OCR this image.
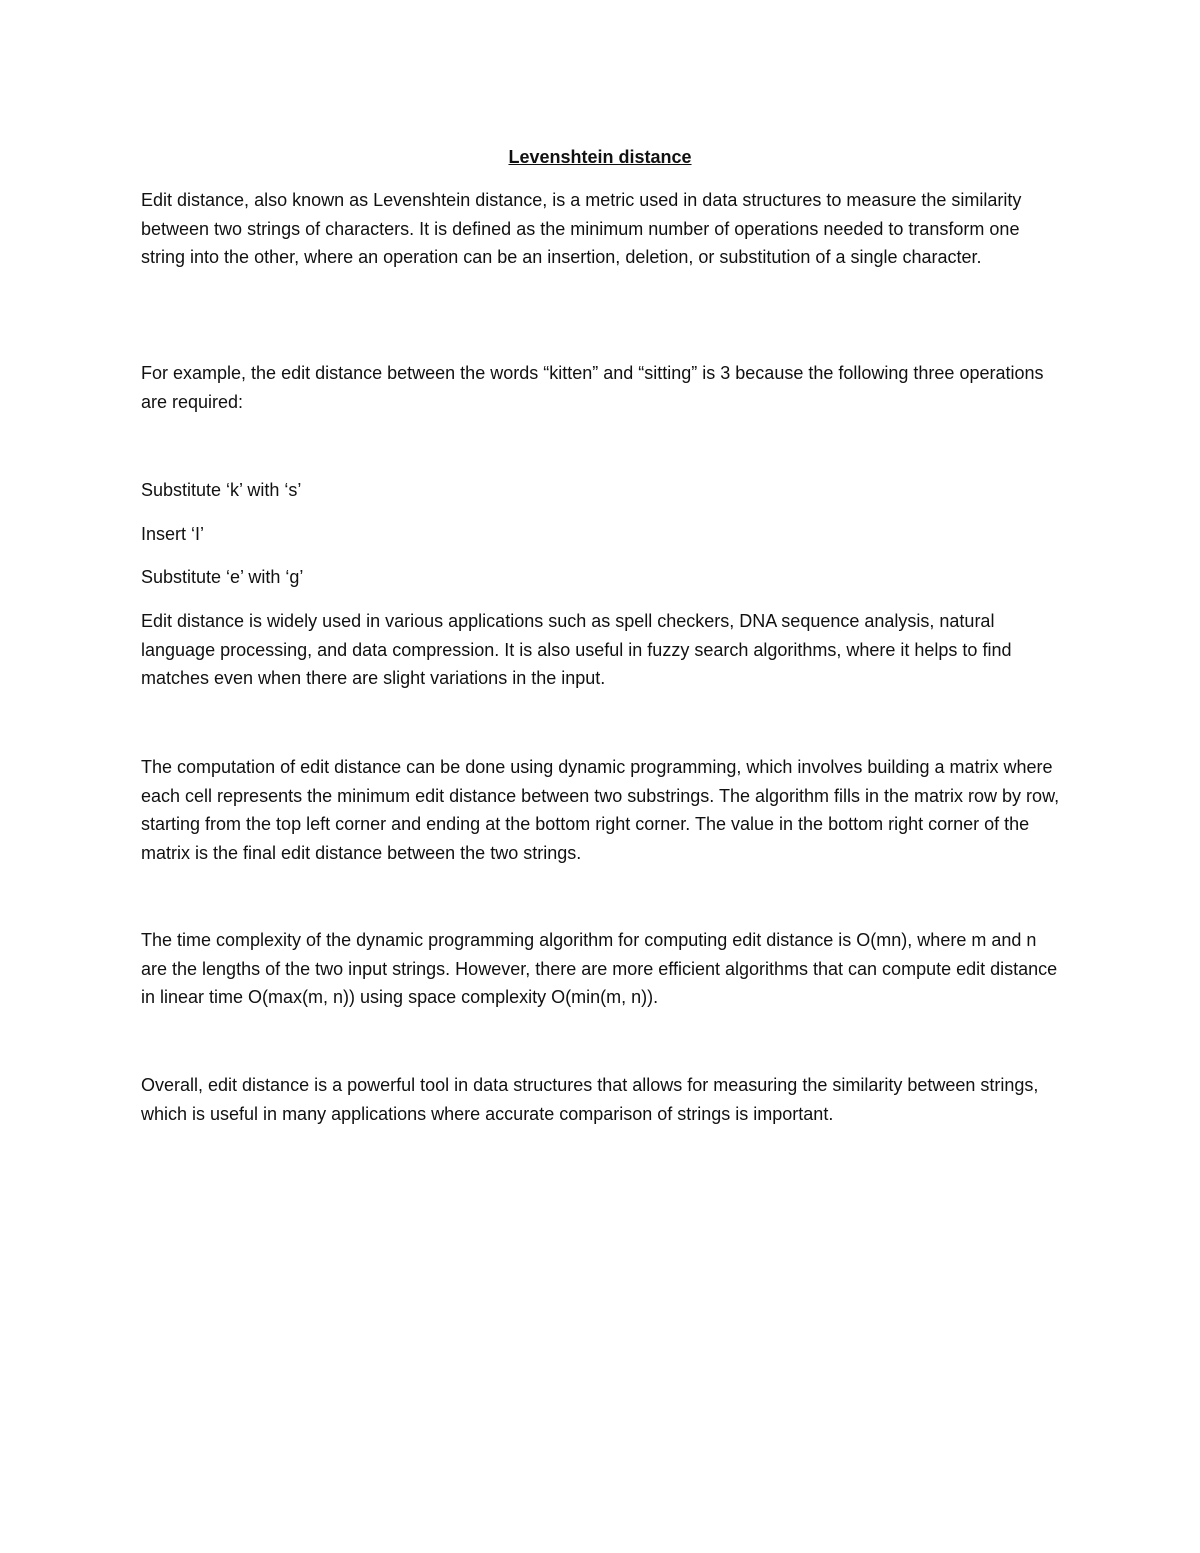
Levenshtein distance

Edit distance, also known as Levenshtein distance, is a metric used in data structures to measure the similarity between two strings of characters. It is defined as the minimum number of operations needed to transform one string into the other, where an operation can be an insertion, deletion, or substitution of a single character.

For example, the edit distance between the words “kitten” and “sitting” is 3 because the following three operations are required:

Substitute ‘k’ with ‘s’
Insert ‘I’
Substitute ‘e’ with ‘g’

Edit distance is widely used in various applications such as spell checkers, DNA sequence analysis, natural language processing, and data compression. It is also useful in fuzzy search algorithms, where it helps to find matches even when there are slight variations in the input.

The computation of edit distance can be done using dynamic programming, which involves building a matrix where each cell represents the minimum edit distance between two substrings. The algorithm fills in the matrix row by row, starting from the top left corner and ending at the bottom right corner. The value in the bottom right corner of the matrix is the final edit distance between the two strings.

The time complexity of the dynamic programming algorithm for computing edit distance is O(mn), where m and n are the lengths of the two input strings. However, there are more efficient algorithms that can compute edit distance in linear time O(max(m, n)) using space complexity O(min(m, n)).

Overall, edit distance is a powerful tool in data structures that allows for measuring the similarity between strings, which is useful in many applications where accurate comparison of strings is important.
